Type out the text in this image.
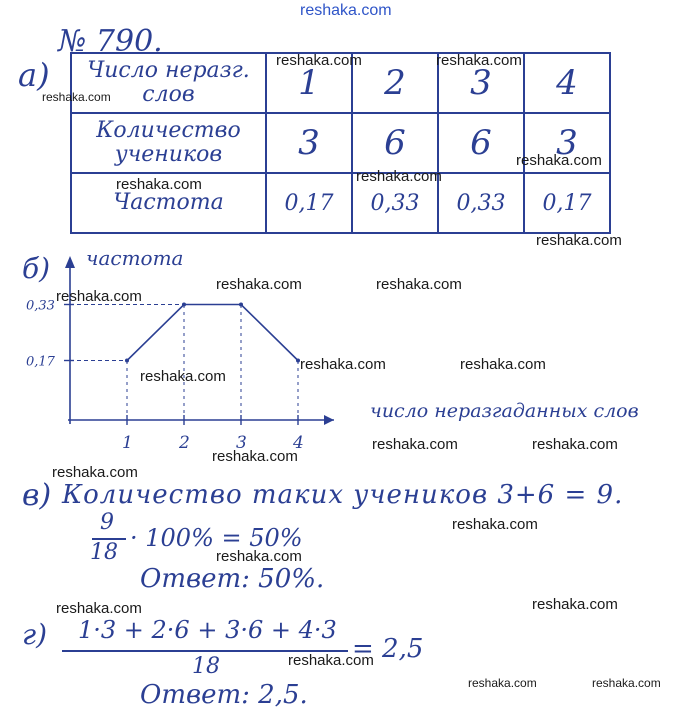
reshaka.com
№ 790.
а) Число неразг. слов	1	2	3	4
Количество учеников	3	6	6	3
Частота	0,17	0,33	0,33	0,17
б) частота
число неразгаданных слов
1	2	3	4
0,17
0,33
в) Количество таких учеников 3+6 = 9.
9
18
· 100% = 50%
Ответ: 50%.
г) 1·3 + 2·6 + 3·6 + 4·3
18
= 2,5
Ответ: 2,5.
reshaka.com	reshaka.com
reshaka.com
reshaka.com
reshaka.com
reshaka.com
reshaka.com
reshaka.com	reshaka.com
reshaka.com
reshaka.com	reshaka.com
reshaka.com
reshaka.com	reshaka.com
reshaka.com
reshaka.com
reshaka.com
reshaka.com
reshaka.com	reshaka.com
reshaka.com
reshaka.com	reshaka.com
